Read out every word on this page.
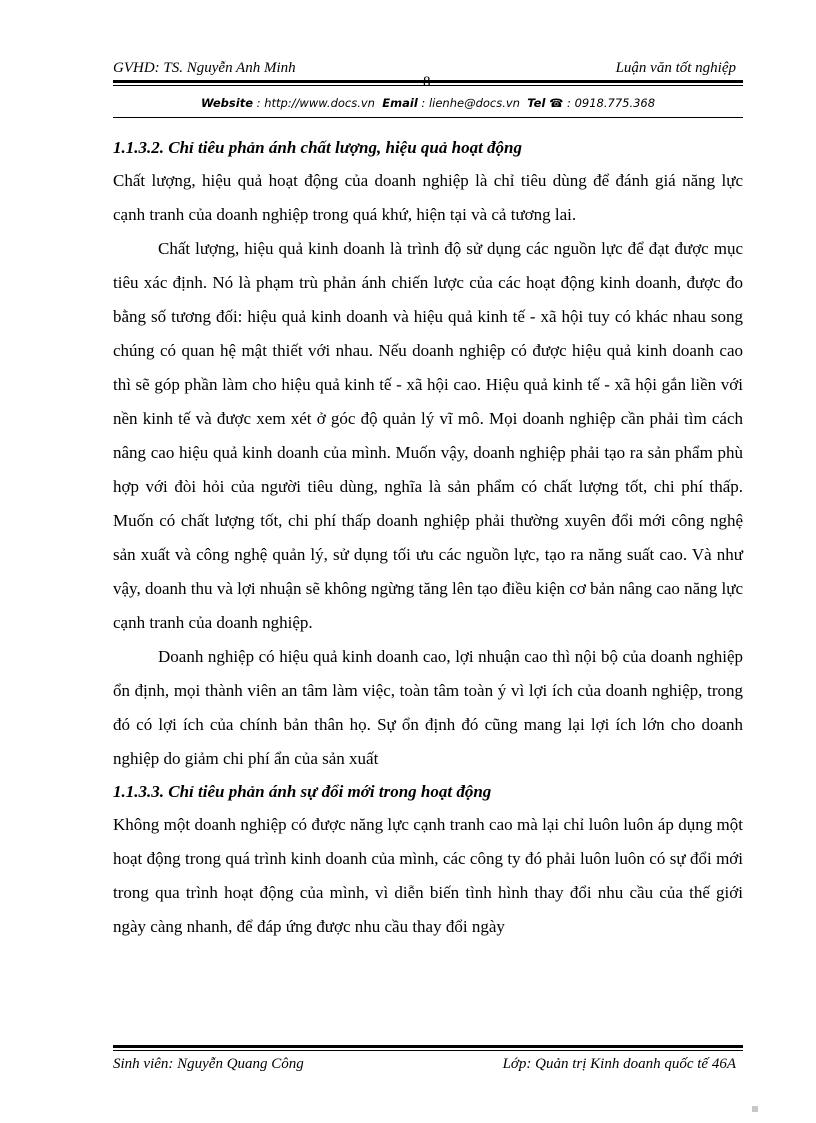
GVHD: TS. Nguyễn Anh Minh	Luận văn tốt nghiệp
Website : http://www.docs.vn Email : lienhe@docs.vn Tel ☎ : 0918.775.368

1.1.3.2. Chỉ tiêu phản ánh chất lượng, hiệu quả hoạt động

Chất lượng, hiệu quả hoạt động của doanh nghiệp là chỉ tiêu dùng để đánh giá năng lực cạnh tranh của doanh nghiệp trong quá khứ, hiện tại và cả tương lai.

Chất lượng, hiệu quả kinh doanh là trình độ sử dụng các nguồn lực để đạt được mục tiêu xác định. Nó là phạm trù phản ánh chiến lược của các hoạt động kinh doanh, được đo bằng số tương đối: hiệu quả kinh doanh và hiệu quả kinh tế - xã hội tuy có khác nhau song chúng có quan hệ mật thiết với nhau. Nếu doanh nghiệp có được hiệu quả kinh doanh cao thì sẽ góp phần làm cho hiệu quả kinh tế - xã hội cao. Hiệu quả kinh tế - xã hội gắn liền với nền kinh tế và được xem xét ở góc độ quản lý vĩ mô. Mọi doanh nghiệp cần phải tìm cách nâng cao hiệu quả kinh doanh của mình. Muốn vậy, doanh nghiệp phải tạo ra sản phẩm phù hợp với đòi hỏi của người tiêu dùng, nghĩa là sản phẩm có chất lượng tốt, chi phí thấp. Muốn có chất lượng tốt, chi phí thấp doanh nghiệp phải thường xuyên đổi mới công nghệ sản xuất và công nghệ quản lý, sử dụng tối ưu các nguồn lực, tạo ra năng suất cao. Và như vậy, doanh thu và lợi nhuận sẽ không ngừng tăng lên tạo điều kiện cơ bản nâng cao năng lực cạnh tranh của doanh nghiệp.

Doanh nghiệp có hiệu quả kinh doanh cao, lợi nhuận cao thì nội bộ của doanh nghiệp ổn định, mọi thành viên an tâm làm việc, toàn tâm toàn ý vì lợi ích của doanh nghiệp, trong đó có lợi ích của chính bản thân họ. Sự ổn định đó cũng mang lại lợi ích lớn cho doanh nghiệp do giảm chi phí ẩn của sản xuất

1.1.3.3. Chỉ tiêu phản ánh sự đổi mới trong hoạt động

Không một doanh nghiệp có được năng lực cạnh tranh cao mà lại chỉ luôn luôn áp dụng một hoạt động trong quá trình kinh doanh của mình, các công ty đó phải luôn luôn có sự đổi mới trong qua trình hoạt động của mình, vì diễn biến tình hình thay đổi nhu cầu của thế giới ngày càng nhanh, để đáp ứng được nhu cầu thay đổi ngày

Sinh viên: Nguyễn Quang Công	Lớp: Quản trị Kinh doanh quốc tế 46A
